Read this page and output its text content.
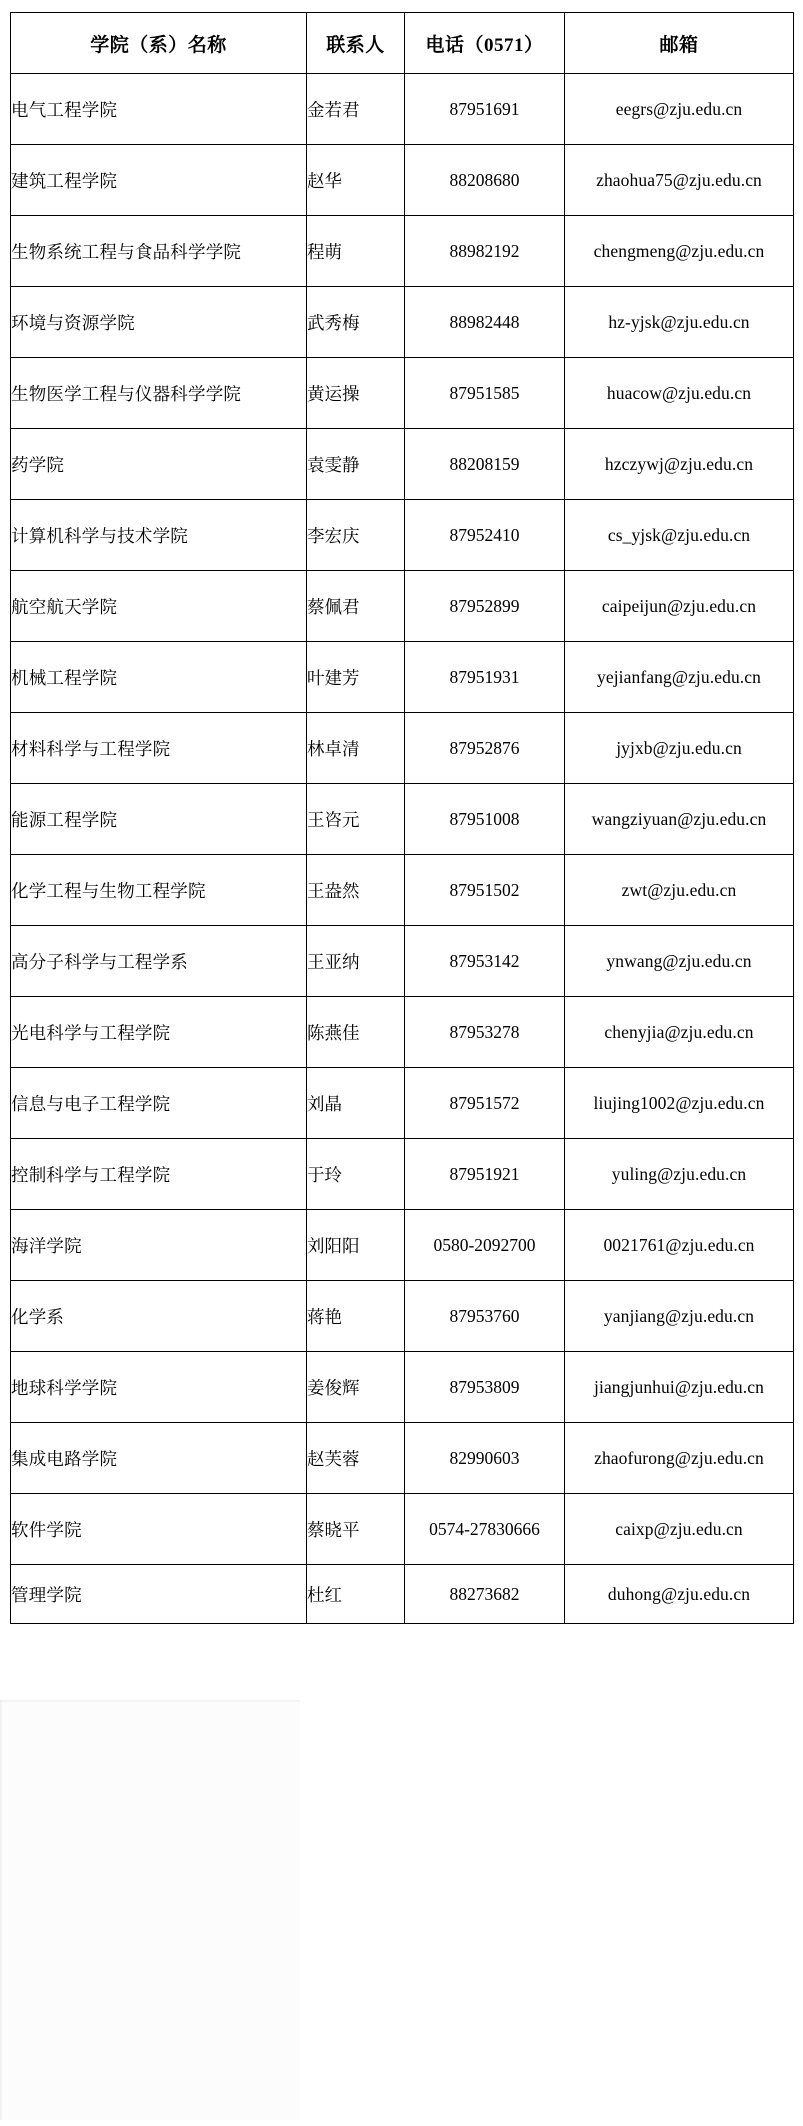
学院（系）名称	联系人	电话（0571）	邮箱
电气工程学院	金若君	87951691	eegrs@zju.edu.cn
建筑工程学院	赵华	88208680	zhaohua75@zju.edu.cn
生物系统工程与食品科学学院	程萌	88982192	chengmeng@zju.edu.cn
环境与资源学院	武秀梅	88982448	hz-yjsk@zju.edu.cn
生物医学工程与仪器科学学院	黄运操	87951585	huacow@zju.edu.cn
药学院	袁雯静	88208159	hzczywj@zju.edu.cn
计算机科学与技术学院	李宏庆	87952410	cs_yjsk@zju.edu.cn
航空航天学院	蔡佩君	87952899	caipeijun@zju.edu.cn
机械工程学院	叶建芳	87951931	yejianfang@zju.edu.cn
材料科学与工程学院	林卓清	87952876	jyjxb@zju.edu.cn
能源工程学院	王咨元	87951008	wangziyuan@zju.edu.cn
化学工程与生物工程学院	王盎然	87951502	zwt@zju.edu.cn
高分子科学与工程学系	王亚纳	87953142	ynwang@zju.edu.cn
光电科学与工程学院	陈燕佳	87953278	chenyjia@zju.edu.cn
信息与电子工程学院	刘晶	87951572	liujing1002@zju.edu.cn
控制科学与工程学院	于玲	87951921	yuling@zju.edu.cn
海洋学院	刘阳阳	0580-2092700	0021761@zju.edu.cn
化学系	蒋艳	87953760	yanjiang@zju.edu.cn
地球科学学院	姜俊辉	87953809	jiangjunhui@zju.edu.cn
集成电路学院	赵芙蓉	82990603	zhaofurong@zju.edu.cn
软件学院	蔡晓平	0574-27830666	caixp@zju.edu.cn
管理学院	杜红	88273682	duhong@zju.edu.cn
